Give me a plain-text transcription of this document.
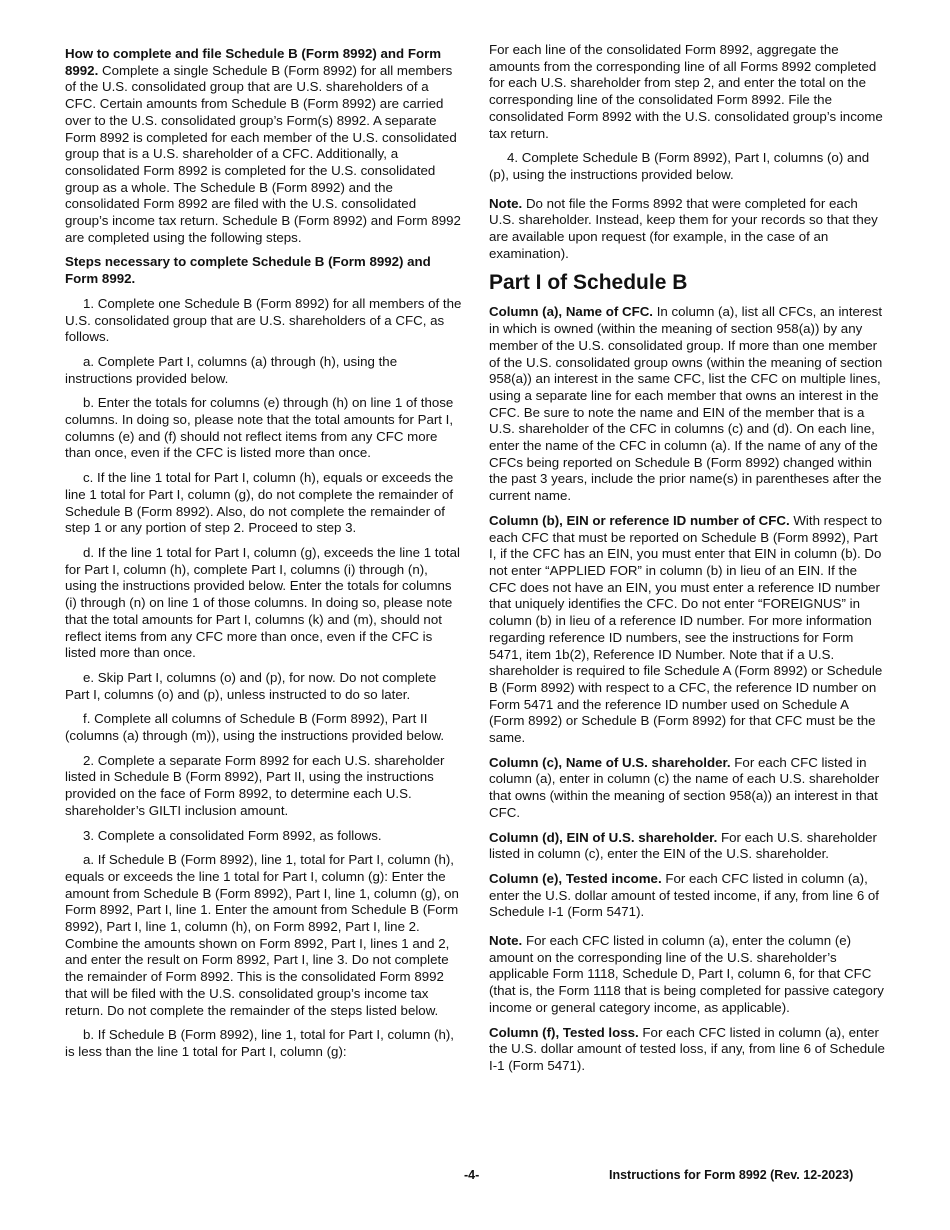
How to complete and file Schedule B (Form 8992) and Form 8992. Complete a single Schedule B (Form 8992) for all members of the U.S. consolidated group that are U.S. shareholders of a CFC. Certain amounts from Schedule B (Form 8992) are carried over to the U.S. consolidated group’s Form(s) 8992. A separate Form 8992 is completed for each member of the U.S. consolidated group that is a U.S. shareholder of a CFC. Additionally, a consolidated Form 8992 is completed for the U.S. consolidated group as a whole. The Schedule B (Form 8992) and the consolidated Form 8992 are filed with the U.S. consolidated group’s income tax return. Schedule B (Form 8992) and Form 8992 are completed using the following steps.

Steps necessary to complete Schedule B (Form 8992) and Form 8992.

1. Complete one Schedule B (Form 8992) for all members of the U.S. consolidated group that are U.S. shareholders of a CFC, as follows.

a. Complete Part I, columns (a) through (h), using the instructions provided below.

b. Enter the totals for columns (e) through (h) on line 1 of those columns. In doing so, please note that the total amounts for Part I, columns (e) and (f) should not reflect items from any CFC more than once, even if the CFC is listed more than once.

c. If the line 1 total for Part I, column (h), equals or exceeds the line 1 total for Part I, column (g), do not complete the remainder of Schedule B (Form 8992). Also, do not complete the remainder of step 1 or any portion of step 2. Proceed to step 3.

d. If the line 1 total for Part I, column (g), exceeds the line 1 total for Part I, column (h), complete Part I, columns (i) through (n), using the instructions provided below. Enter the totals for columns (i) through (n) on line 1 of those columns. In doing so, please note that the total amounts for Part I, columns (k) and (m), should not reflect items from any CFC more than once, even if the CFC is listed more than once.

e. Skip Part I, columns (o) and (p), for now. Do not complete Part I, columns (o) and (p), unless instructed to do so later.

f. Complete all columns of Schedule B (Form 8992), Part II (columns (a) through (m)), using the instructions provided below.

2. Complete a separate Form 8992 for each U.S. shareholder listed in Schedule B (Form 8992), Part II, using the instructions provided on the face of Form 8992, to determine each U.S. shareholder’s GILTI inclusion amount.

3. Complete a consolidated Form 8992, as follows.

a. If Schedule B (Form 8992), line 1, total for Part I, column (h), equals or exceeds the line 1 total for Part I, column (g): Enter the amount from Schedule B (Form 8992), Part I, line 1, column (g), on Form 8992, Part I, line 1. Enter the amount from Schedule B (Form 8992), Part I, line 1, column (h), on Form 8992, Part I, line 2. Combine the amounts shown on Form 8992, Part I, lines 1 and 2, and enter the result on Form 8992, Part I, line 3. Do not complete the remainder of Form 8992. This is the consolidated Form 8992 that will be filed with the U.S. consolidated group’s income tax return. Do not complete the remainder of the steps listed below.

b. If Schedule B (Form 8992), line 1, total for Part I, column (h), is less than the line 1 total for Part I, column (g):

For each line of the consolidated Form 8992, aggregate the amounts from the corresponding line of all Forms 8992 completed for each U.S. shareholder from step 2, and enter the total on the corresponding line of the consolidated Form 8992. File the consolidated Form 8992 with the U.S. consolidated group’s income tax return.

4. Complete Schedule B (Form 8992), Part I, columns (o) and (p), using the instructions provided below.

Note. Do not file the Forms 8992 that were completed for each U.S. shareholder. Instead, keep them for your records so that they are available upon request (for example, in the case of an examination).

Part I of Schedule B

Column (a), Name of CFC. In column (a), list all CFCs, an interest in which is owned (within the meaning of section 958(a)) by any member of the U.S. consolidated group. If more than one member of the U.S. consolidated group owns (within the meaning of section 958(a)) an interest in the same CFC, list the CFC on multiple lines, using a separate line for each member that owns an interest in the CFC. Be sure to note the name and EIN of the member that is a U.S. shareholder of the CFC in columns (c) and (d). On each line, enter the name of the CFC in column (a). If the name of any of the CFCs being reported on Schedule B (Form 8992) changed within the past 3 years, include the prior name(s) in parentheses after the current name.

Column (b), EIN or reference ID number of CFC. With respect to each CFC that must be reported on Schedule B (Form 8992), Part I, if the CFC has an EIN, you must enter that EIN in column (b). Do not enter “APPLIED FOR” in column (b) in lieu of an EIN. If the CFC does not have an EIN, you must enter a reference ID number that uniquely identifies the CFC. Do not enter “FOREIGNUS” in column (b) in lieu of a reference ID number. For more information regarding reference ID numbers, see the instructions for Form 5471, item 1b(2), Reference ID Number. Note that if a U.S. shareholder is required to file Schedule A (Form 8992) or Schedule B (Form 8992) with respect to a CFC, the reference ID number on Form 5471 and the reference ID number used on Schedule A (Form 8992) or Schedule B (Form 8992) for that CFC must be the same.

Column (c), Name of U.S. shareholder. For each CFC listed in column (a), enter in column (c) the name of each U.S. shareholder that owns (within the meaning of section 958(a)) an interest in that CFC.

Column (d), EIN of U.S. shareholder. For each U.S. shareholder listed in column (c), enter the EIN of the U.S. shareholder.

Column (e), Tested income. For each CFC listed in column (a), enter the U.S. dollar amount of tested income, if any, from line 6 of Schedule I-1 (Form 5471).

Note. For each CFC listed in column (a), enter the column (e) amount on the corresponding line of the U.S. shareholder’s applicable Form 1118, Schedule D, Part I, column 6, for that CFC (that is, the Form 1118 that is being completed for passive category income or general category income, as applicable).

Column (f), Tested loss. For each CFC listed in column (a), enter the U.S. dollar amount of tested loss, if any, from line 6 of Schedule I-1 (Form 5471).

-4-	Instructions for Form 8992 (Rev. 12-2023)
